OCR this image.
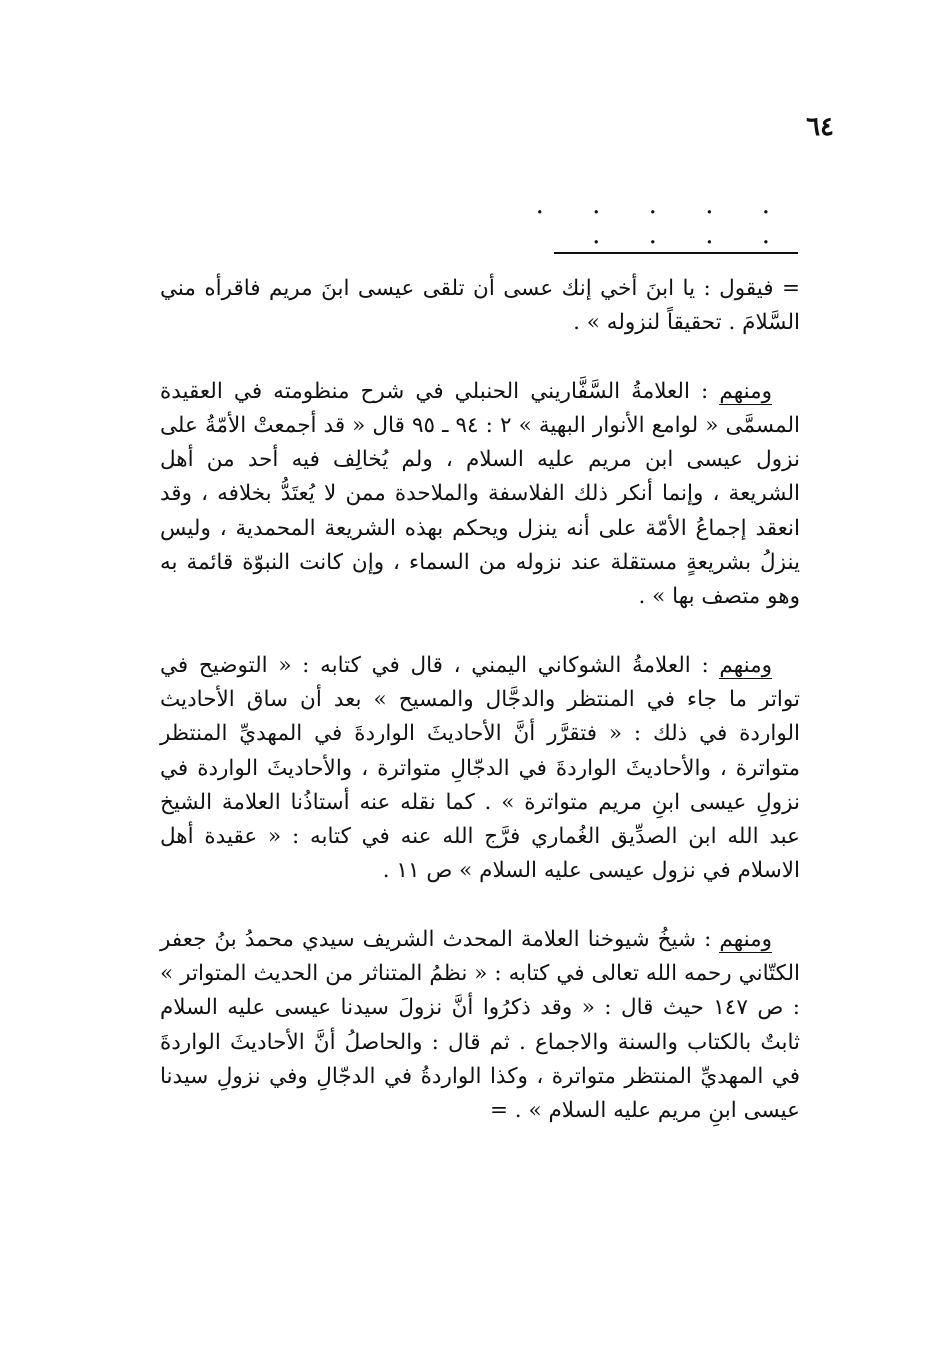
٦٤
. . . . . . . . .

= فيقول : يا ابنَ أخي إنك عسى أن تلقى عيسى ابنَ مريم فاقرأه مني السَّلامَ . تحقيقاً لنزوله » .

ومنهم : العلامةُ السَّفَّاريني الحنبلي في شرح منظومته في العقيدة المسمَّى « لوامع الأنوار البهية » ٢ : ٩٤ ـ ٩٥ قال « قد أجمعتْ الأمّةُ على نزول عيسى ابن مريم عليه السلام ، ولم يُخالِف فيه أحد من أهل الشريعة ، وإنما أنكر ذلك الفلاسفة والملاحدة ممن لا يُعتَدُّ بخلافه ، وقد انعقد إجماعُ الأمّة على أنه ينزل ويحكم بهذه الشريعة المحمدية ، وليس ينزلُ بشريعةٍ مستقلة عند نزوله من السماء ، وإن كانت النبوّة قائمة به وهو متصف بها » .

ومنهم : العلامةُ الشوكاني اليمني ، قال في كتابه : « التوضيح في تواتر ما جاء في المنتظر والدجَّال والمسيح » بعد أن ساق الأحاديث الواردة في ذلك : « فتقرَّر أنَّ الأحاديثَ الواردةَ في المهديِّ المنتظر متواترة ، والأحاديثَ الواردةَ في الدجّالِ متواترة ، والأحاديثَ الواردة في نزولِ عيسى ابنِ مريم متواترة » . كما نقله عنه أستاذُنا العلامة الشيخ عبد الله ابن الصدِّيق الغُماري فرَّج الله عنه في كتابه : « عقيدة أهل الاسلام في نزول عيسى عليه السلام » ص ١١ .

ومنهم : شيخُ شيوخنا العلامة المحدث الشريف سيدي محمدُ بنُ جعفر الكتّاني رحمه الله تعالى في كتابه : « نظمُ المتناثر من الحديث المتواتر » : ص ١٤٧ حيث قال : « وقد ذكرُوا أنَّ نزولَ سيدنا عيسى عليه السلام ثابتٌ بالكتاب والسنة والاجماع . ثم قال : والحاصلُ أنَّ الأحاديثَ الواردةَ في المهديِّ المنتظر متواترة ، وكذا الواردةُ في الدجّالِ وفي نزولِ سيدنا عيسى ابنِ مريم عليه السلام » . =
